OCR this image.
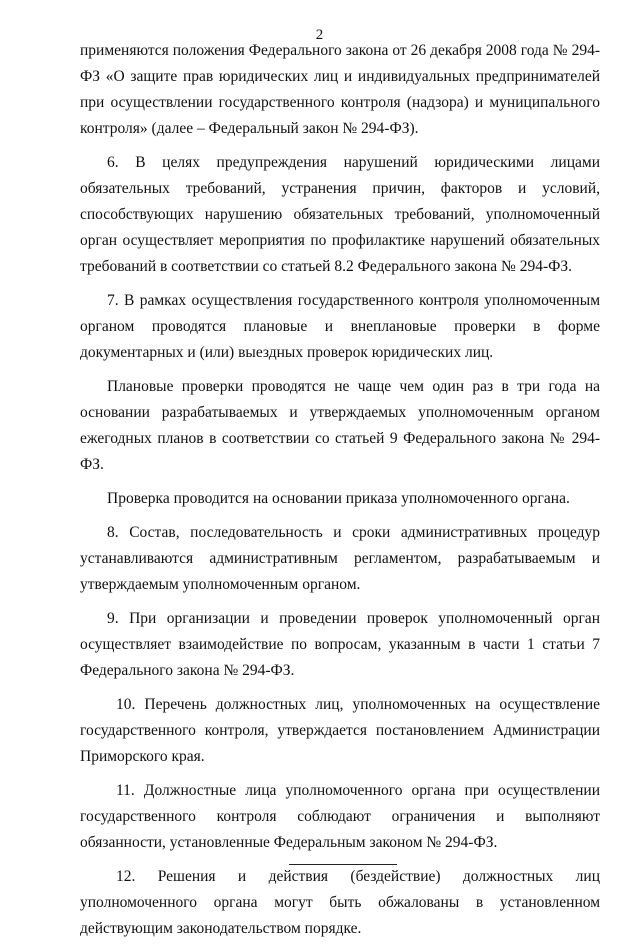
2

применяются положения Федерального закона от 26 декабря 2008 года № 294-ФЗ «О защите прав юридических лиц и индивидуальных предпринимателей при осуществлении государственного контроля (надзора) и муниципального контроля» (далее – Федеральный закон № 294-ФЗ).

6. В целях предупреждения нарушений юридическими лицами обязательных требований, устранения причин, факторов и условий, способствующих нарушению обязательных требований, уполномоченный орган осуществляет мероприятия по профилактике нарушений обязательных требований в соответствии со статьей 8.2 Федерального закона № 294-ФЗ.

7. В рамках осуществления государственного контроля уполномоченным органом проводятся плановые и внеплановые проверки в форме документарных и (или) выездных проверок юридических лиц.

Плановые проверки проводятся не чаще чем один раз в три года на основании разрабатываемых и утверждаемых уполномоченным органом ежегодных планов в соответствии со статьей 9 Федерального закона № 294-ФЗ.

Проверка проводится на основании приказа уполномоченного органа.

8. Состав, последовательность и сроки административных процедур устанавливаются административным регламентом, разрабатываемым и утверждаемым уполномоченным органом.

9. При организации и проведении проверок уполномоченный орган осуществляет взаимодействие по вопросам, указанным в части 1 статьи 7 Федерального закона № 294-ФЗ.

10. Перечень должностных лиц, уполномоченных на осуществление государственного контроля, утверждается постановлением Администрации Приморского края.

11. Должностные лица уполномоченного органа при осуществлении государственного контроля соблюдают ограничения и выполняют обязанности, установленные Федеральным законом № 294-ФЗ.

12. Решения и действия (бездействие) должностных лиц уполномоченного органа могут быть обжалованы в установленном действующим законодательством порядке.
